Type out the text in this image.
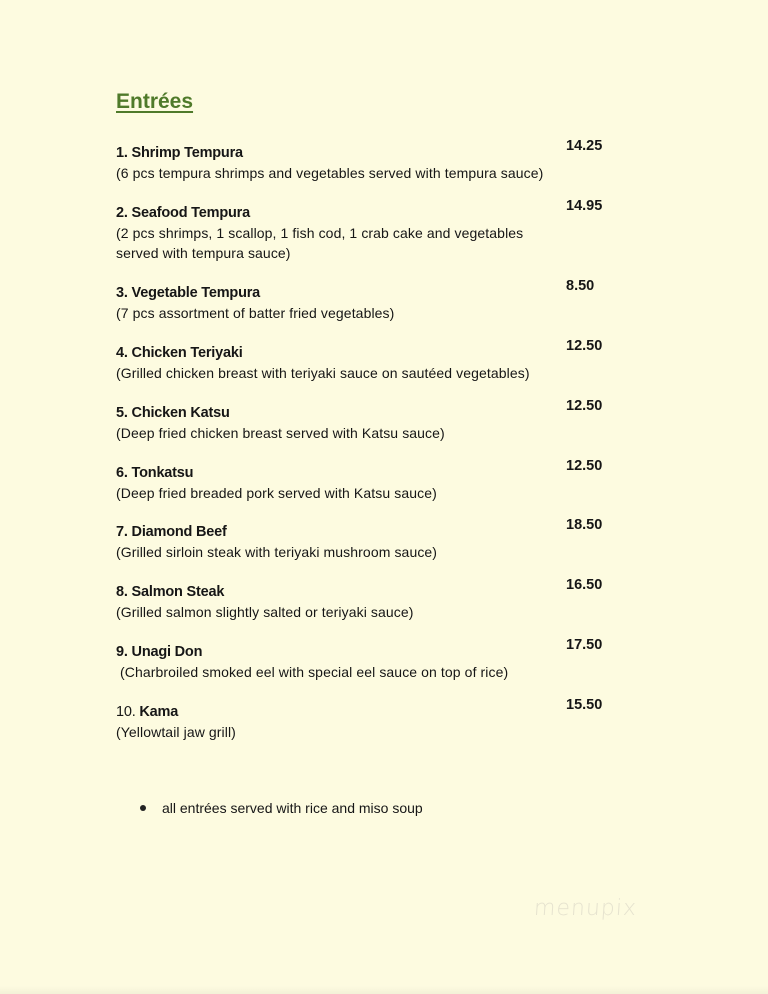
Entrées
1. Shrimp Tempura	14.25
(6 pcs tempura shrimps and vegetables served with tempura sauce)
2. Seafood Tempura	14.95
(2 pcs shrimps, 1 scallop, 1 fish cod, 1 crab cake and vegetables served with tempura sauce)
3. Vegetable Tempura	8.50
(7 pcs assortment of batter fried vegetables)
4. Chicken Teriyaki	12.50
(Grilled chicken breast with teriyaki sauce on sautéed vegetables)
5. Chicken Katsu	12.50
(Deep fried chicken breast served with Katsu sauce)
6. Tonkatsu	12.50
(Deep fried breaded pork served with Katsu sauce)
7. Diamond Beef	18.50
(Grilled sirloin steak with teriyaki mushroom sauce)
8. Salmon Steak	16.50
(Grilled salmon slightly salted or teriyaki sauce)
9. Unagi Don	17.50
(Charbroiled smoked eel with special eel sauce on top of rice)
10. Kama	15.50
(Yellowtail jaw grill)
all entrées served with rice and miso soup
menupix
